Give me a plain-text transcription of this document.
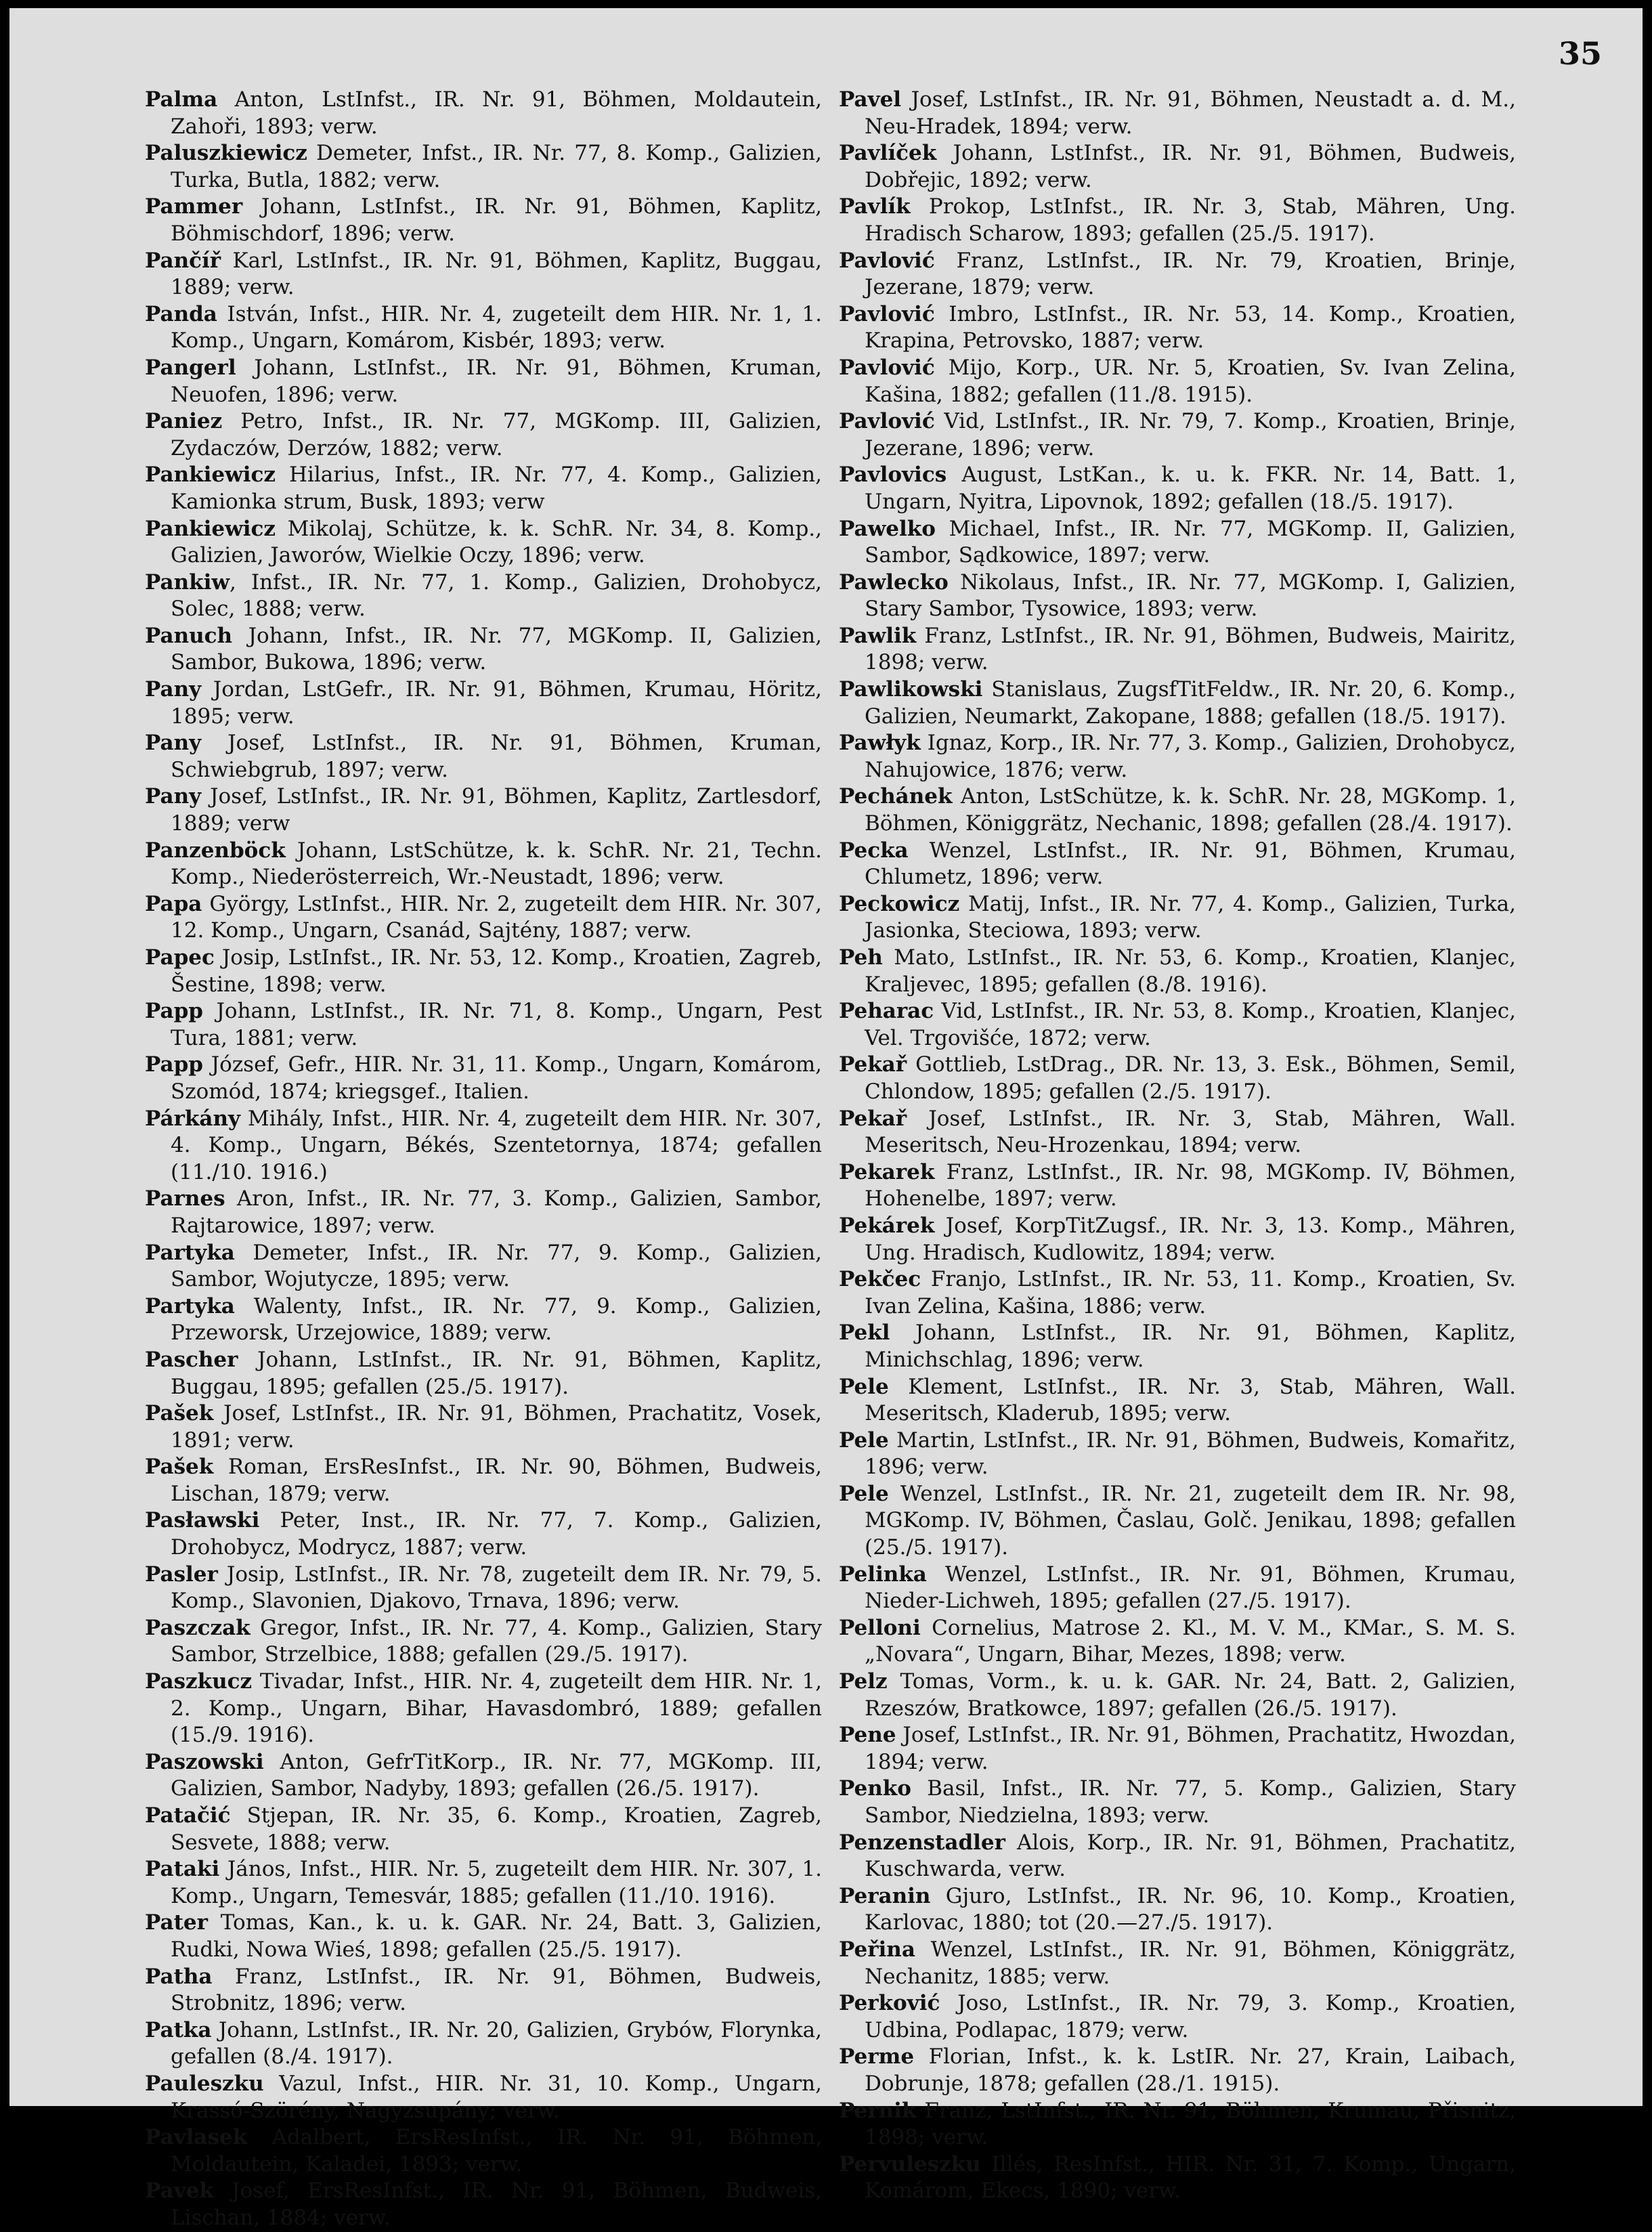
35

Palma Anton, LstInfst., IR. Nr. 91, Böhmen, Moldautein, Zahoři, 1893; verw.

Paluszkiewicz Demeter, Infst., IR. Nr. 77, 8. Komp., Galizien, Turka, Butla, 1882; verw.

Pammer Johann, LstInfst., IR. Nr. 91, Böhmen, Kaplitz, Böhmischdorf, 1896; verw.

Pančíř Karl, LstInfst., IR. Nr. 91, Böhmen, Kaplitz, Buggau, 1889; verw.

Panda István, Infst., HIR. Nr. 4, zugeteilt dem HIR. Nr. 1, 1. Komp., Ungarn, Komárom, Kisbér, 1893; verw.

Pangerl Johann, LstInfst., IR. Nr. 91, Böhmen, Kruman, Neuofen, 1896; verw.

Paniez Petro, Infst., IR. Nr. 77, MGKomp. III, Galizien, Zydaczów, Derzów, 1882; verw.

Pankiewicz Hilarius, Infst., IR. Nr. 77, 4. Komp., Galizien, Kamionka strum, Busk, 1893; verw

Pankiewicz Mikolaj, Schütze, k. k. SchR. Nr. 34, 8. Komp., Galizien, Jaworów, Wielkie Oczy, 1896; verw.

Pankiw, Infst., IR. Nr. 77, 1. Komp., Galizien, Drohobycz, Solec, 1888; verw.

Panuch Johann, Infst., IR. Nr. 77, MGKomp. II, Galizien, Sambor, Bukowa, 1896; verw.

Pany Jordan, LstGefr., IR. Nr. 91, Böhmen, Krumau, Höritz, 1895; verw.

Pany Josef, LstInfst., IR. Nr. 91, Böhmen, Kruman, Schwiebgrub, 1897; verw.

Pany Josef, LstInfst., IR. Nr. 91, Böhmen, Kaplitz, Zartlesdorf, 1889; verw

Panzenböck Johann, LstSchütze, k. k. SchR. Nr. 21, Techn. Komp., Niederösterreich, Wr.-Neustadt, 1896; verw.

Papa György, LstInfst., HIR. Nr. 2, zugeteilt dem HIR. Nr. 307, 12. Komp., Ungarn, Csanád, Sajtény, 1887; verw.

Papec Josip, LstInfst., IR. Nr. 53, 12. Komp., Kroatien, Zagreb, Šestine, 1898; verw.

Papp Johann, LstInfst., IR. Nr. 71, 8. Komp., Ungarn, Pest Tura, 1881; verw.

Papp József, Gefr., HIR. Nr. 31, 11. Komp., Ungarn, Komárom, Szomód, 1874; kriegsgef., Italien.

Párkány Mihály, Infst., HIR. Nr. 4, zugeteilt dem HIR. Nr. 307, 4. Komp., Ungarn, Békés, Szentetornya, 1874; gefallen (11./10. 1916.)

Parnes Aron, Infst., IR. Nr. 77, 3. Komp., Galizien, Sambor, Rajtarowice, 1897; verw.

Partyka Demeter, Infst., IR. Nr. 77, 9. Komp., Galizien, Sambor, Wojutycze, 1895; verw.

Partyka Walenty, Infst., IR. Nr. 77, 9. Komp., Galizien, Przeworsk, Urzejowice, 1889; verw.

Pascher Johann, LstInfst., IR. Nr. 91, Böhmen, Kaplitz, Buggau, 1895; gefallen (25./5. 1917).

Pašek Josef, LstInfst., IR. Nr. 91, Böhmen, Prachatitz, Vosek, 1891; verw.

Pašek Roman, ErsResInfst., IR. Nr. 90, Böhmen, Budweis, Lischan, 1879; verw.

Pasławski Peter, Inst., IR. Nr. 77, 7. Komp., Galizien, Drohobycz, Modrycz, 1887; verw.

Pasler Josip, LstInfst., IR. Nr. 78, zugeteilt dem IR. Nr. 79, 5. Komp., Slavonien, Djakovo, Trnava, 1896; verw.

Paszczak Gregor, Infst., IR. Nr. 77, 4. Komp., Galizien, Stary Sambor, Strzelbice, 1888; gefallen (29./5. 1917).

Paszkucz Tivadar, Infst., HIR. Nr. 4, zugeteilt dem HIR. Nr. 1, 2. Komp., Ungarn, Bihar, Havasdombró, 1889; gefallen (15./9. 1916).

Paszowski Anton, GefrTitKorp., IR. Nr. 77, MGKomp. III, Galizien, Sambor, Nadyby, 1893; gefallen (26./5. 1917).

Patačić Stjepan, IR. Nr. 35, 6. Komp., Kroatien, Zagreb, Sesvete, 1888; verw.

Pataki János, Infst., HIR. Nr. 5, zugeteilt dem HIR. Nr. 307, 1. Komp., Ungarn, Temesvár, 1885; gefallen (11./10. 1916).

Pater Tomas, Kan., k. u. k. GAR. Nr. 24, Batt. 3, Galizien, Rudki, Nowa Wieś, 1898; gefallen (25./5. 1917).

Patha Franz, LstInfst., IR. Nr. 91, Böhmen, Budweis, Strobnitz, 1896; verw.

Patka Johann, LstInfst., IR. Nr. 20, Galizien, Grybów, Florynka, gefallen (8./4. 1917).

Pauleszku Vazul, Infst., HIR. Nr. 31, 10. Komp., Ungarn, Krassó-Szörény, Nagyzsupány; verw.

Pavlasek Adalbert, ErsResInfst., IR. Nr. 91, Böhmen, Moldautein, Kaladei, 1893; verw.

Pavek Josef, ErsResInfst., IR. Nr. 91, Böhmen, Budweis, Lischan, 1884; verw.

Pavel Josef, LstInfst., IR. Nr. 91, Böhmen, Neustadt a. d. M., Neu-Hradek, 1894; verw.

Pavlíček Johann, LstInfst., IR. Nr. 91, Böhmen, Budweis, Dobřejic, 1892; verw.

Pavlík Prokop, LstInfst., IR. Nr. 3, Stab, Mähren, Ung. Hradisch Scharow, 1893; gefallen (25./5. 1917).

Pavlović Franz, LstInfst., IR. Nr. 79, Kroatien, Brinje, Jezerane, 1879; verw.

Pavlović Imbro, LstInfst., IR. Nr. 53, 14. Komp., Kroatien, Krapina, Petrovsko, 1887; verw.

Pavlović Mijo, Korp., UR. Nr. 5, Kroatien, Sv. Ivan Zelina, Kašina, 1882; gefallen (11./8. 1915).

Pavlović Vid, LstInfst., IR. Nr. 79, 7. Komp., Kroatien, Brinje, Jezerane, 1896; verw.

Pavlovics August, LstKan., k. u. k. FKR. Nr. 14, Batt. 1, Ungarn, Nyitra, Lipovnok, 1892; gefallen (18./5. 1917).

Pawelko Michael, Infst., IR. Nr. 77, MGKomp. II, Galizien, Sambor, Sądkowice, 1897; verw.

Pawlecko Nikolaus, Infst., IR. Nr. 77, MGKomp. I, Galizien, Stary Sambor, Tysowice, 1893; verw.

Pawlik Franz, LstInfst., IR. Nr. 91, Böhmen, Budweis, Mairitz, 1898; verw.

Pawlikowski Stanislaus, ZugsfTitFeldw., IR. Nr. 20, 6. Komp., Galizien, Neumarkt, Zakopane, 1888; gefallen (18./5. 1917).

Pawłyk Ignaz, Korp., IR. Nr. 77, 3. Komp., Galizien, Drohobycz, Nahujowice, 1876; verw.

Pechánek Anton, LstSchütze, k. k. SchR. Nr. 28, MGKomp. 1, Böhmen, Königgrätz, Nechanic, 1898; gefallen (28./4. 1917).

Pecka Wenzel, LstInfst., IR. Nr. 91, Böhmen, Krumau, Chlumetz, 1896; verw.

Peckowicz Matij, Infst., IR. Nr. 77, 4. Komp., Galizien, Turka, Jasionka, Steciowa, 1893; verw.

Peh Mato, LstInfst., IR. Nr. 53, 6. Komp., Kroatien, Klanjec, Kraljevec, 1895; gefallen (8./8. 1916).

Peharac Vid, LstInfst., IR. Nr. 53, 8. Komp., Kroatien, Klanjec, Vel. Trgovišće, 1872; verw.

Pekař Gottlieb, LstDrag., DR. Nr. 13, 3. Esk., Böhmen, Semil, Chlondow, 1895; gefallen (2./5. 1917).

Pekař Josef, LstInfst., IR. Nr. 3, Stab, Mähren, Wall. Meseritsch, Neu-Hrozenkau, 1894; verw.

Pekarek Franz, LstInfst., IR. Nr. 98, MGKomp. IV, Böhmen, Hohenelbe, 1897; verw.

Pekárek Josef, KorpTitZugsf., IR. Nr. 3, 13. Komp., Mähren, Ung. Hradisch, Kudlowitz, 1894; verw.

Pekčec Franjo, LstInfst., IR. Nr. 53, 11. Komp., Kroatien, Sv. Ivan Zelina, Kašina, 1886; verw.

Pekl Johann, LstInfst., IR. Nr. 91, Böhmen, Kaplitz, Minichschlag, 1896; verw.

Pele Klement, LstInfst., IR. Nr. 3, Stab, Mähren, Wall. Meseritsch, Kladerub, 1895; verw.

Pele Martin, LstInfst., IR. Nr. 91, Böhmen, Budweis, Komařitz, 1896; verw.

Pele Wenzel, LstInfst., IR. Nr. 21, zugeteilt dem IR. Nr. 98, MGKomp. IV, Böhmen, Časlau, Golč. Jenikau, 1898; gefallen (25./5. 1917).

Pelinka Wenzel, LstInfst., IR. Nr. 91, Böhmen, Krumau, Nieder-Lichweh, 1895; gefallen (27./5. 1917).

Pelloni Cornelius, Matrose 2. Kl., M. V. M., KMar., S. M. S. „Novara“, Ungarn, Bihar, Mezes, 1898; verw.

Pelz Tomas, Vorm., k. u. k. GAR. Nr. 24, Batt. 2, Galizien, Rzeszów, Bratkowce, 1897; gefallen (26./5. 1917).

Pene Josef, LstInfst., IR. Nr. 91, Böhmen, Prachatitz, Hwozdan, 1894; verw.

Penko Basil, Infst., IR. Nr. 77, 5. Komp., Galizien, Stary Sambor, Niedzielna, 1893; verw.

Penzenstadler Alois, Korp., IR. Nr. 91, Böhmen, Prachatitz, Kuschwarda, verw.

Peranin Gjuro, LstInfst., IR. Nr. 96, 10. Komp., Kroatien, Karlovac, 1880; tot (20.—27./5. 1917).

Peřina Wenzel, LstInfst., IR. Nr. 91, Böhmen, Königgrätz, Nechanitz, 1885; verw.

Perković Joso, LstInfst., IR. Nr. 79, 3. Komp., Kroatien, Udbina, Podlapac, 1879; verw.

Perme Florian, Infst., k. k. LstIR. Nr. 27, Krain, Laibach, Dobrunje, 1878; gefallen (28./1. 1915).

Pernik Franz, LstInfst., IR. Nr. 91, Böhmen, Krumau, Přisnitz, 1898; verw.

Pervuleszku Illés, ResInfst., HIR. Nr. 31, 7. Komp., Ungarn, Komárom, Ekecs, 1890; verw.
